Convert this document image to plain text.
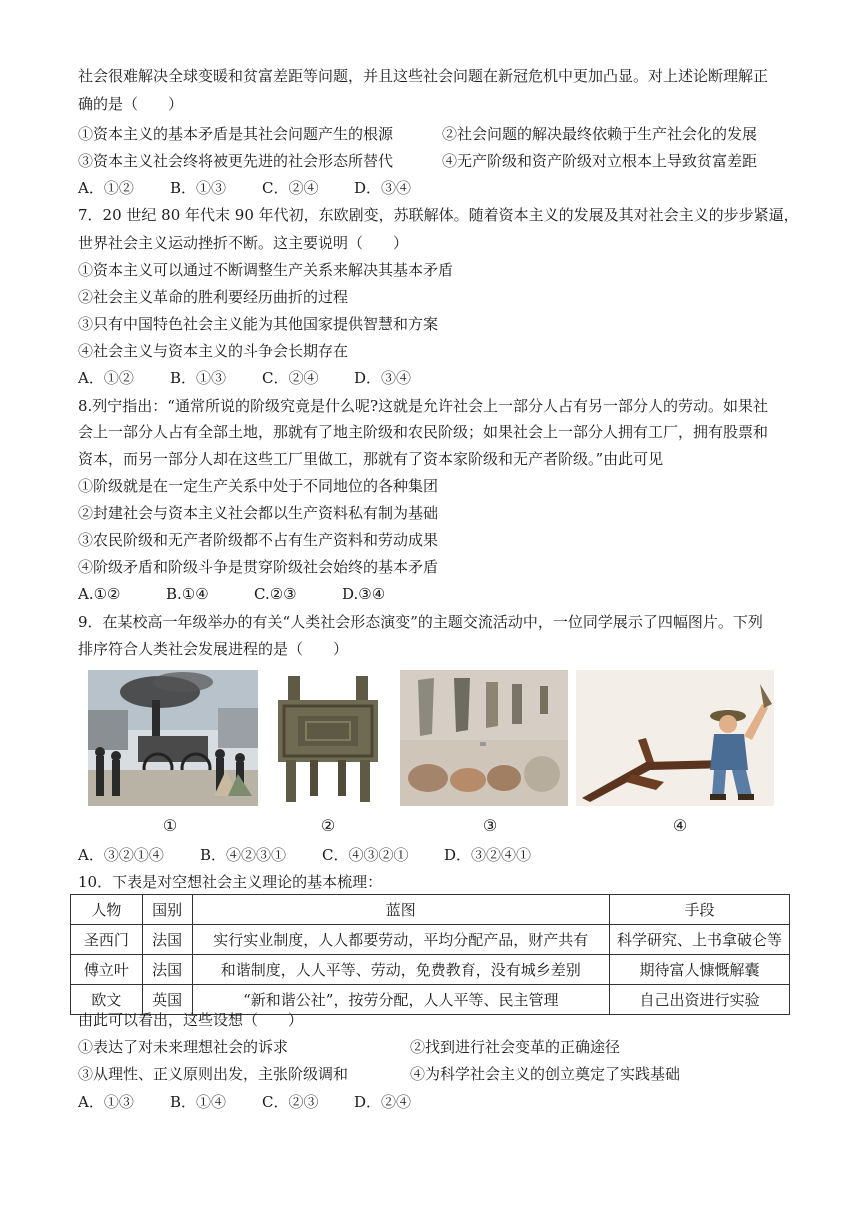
社会很难解决全球变暖和贫富差距等问题，并且这些社会问题在新冠危机中更加凸显。对上述论断理解正
确的是（　　）
①资本主义的基本矛盾是其社会问题产生的根源	②社会问题的解决最终依赖于生产社会化的发展
③资本主义社会终将被更先进的社会形态所替代	④无产阶级和资产阶级对立根本上导致贫富差距
A．①② B．①③ C．②④ D．③④
7．20 世纪 80 年代末 90 年代初，东欧剧变，苏联解体。随着资本主义的发展及其对社会主义的步步紧逼，
世界社会主义运动挫折不断。这主要说明（　　）
①资本主义可以通过不断调整生产关系来解决其基本矛盾
②社会主义革命的胜利要经历曲折的过程
③只有中国特色社会主义能为其他国家提供智慧和方案
④社会主义与资本主义的斗争会长期存在
A．①② B．①③ C．②④ D．③④
8.列宁指出：“通常所说的阶级究竟是什么呢?这就是允许社会上一部分人占有另一部分人的劳动。如果社
会上一部分人占有全部土地，那就有了地主阶级和农民阶级；如果社会上一部分人拥有工厂，拥有股票和
资本，而另一部分人却在这些工厂里做工，那就有了资本家阶级和无产者阶级。”由此可见
①阶级就是在一定生产关系中处于不同地位的各种集团
②封建社会与资本主义社会都以生产资料私有制为基础
③农民阶级和无产者阶级都不占有生产资料和劳动成果
④阶级矛盾和阶级斗争是贯穿阶级社会始终的基本矛盾
A.①②	B.①④	C.②③	D.③④
9．在某校高一年级举办的有关“人类社会形态演变”的主题交流活动中，一位同学展示了四幅图片。下列
排序符合人类社会发展进程的是（　　）
①	②	③	④
A．③②①④ B．④②③① C．④③②① D．③②④①
10．下表是对空想社会主义理论的基本梳理：
人物	国别	蓝图	手段
圣西门	法国	实行实业制度，人人都要劳动，平均分配产品，财产共有	科学研究、上书拿破仑等
傅立叶	法国	和谐制度，人人平等、劳动，免费教育，没有城乡差别	期待富人慷慨解囊
欧文	英国	“新和谐公社”，按劳分配，人人平等、民主管理	自己出资进行实验
由此可以看出，这些设想（　　）
①表达了对未来理想社会的诉求	②找到进行社会变革的正确途径
③从理性、正义原则出发，主张阶级调和	④为科学社会主义的创立奠定了实践基础
A．①③ B．①④ C．②③ D．②④
